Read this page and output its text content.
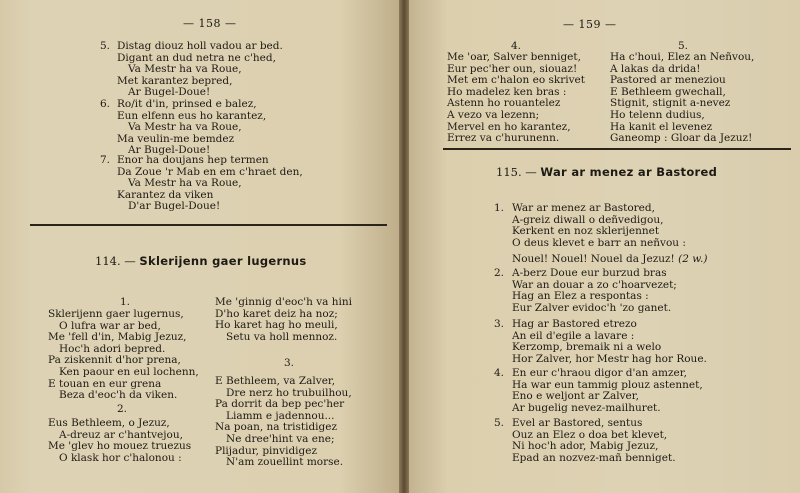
— 158 —
5. Distag diouz holl vadou ar bed.
Digant an dud netra ne c'hed,
Va Mestr ha va Roue,
Met karantez bepred,
Ar Bugel-Doue!
6. Ro/it d'in, prinsed e balez,
Eun elfenn eus ho karantez,
Va Mestr ha va Roue,
Ma veulin-me bemdez
Ar Bugel-Doue!
7. Enor ha doujans hep termen
Da Zoue 'r Mab en em c'hraet den,
Va Mestr ha va Roue,
Karantez da viken
D'ar Bugel-Doue!
114. — Sklerijenn gaer lugernus
1.
Sklerijenn gaer lugernus,
O lufra war ar bed,
Me 'fell d'in, Mabig Jezuz,
Hoc'h adori bepred.
Pa ziskennit d'hor prena,
Ken paour en eul lochenn,
E touan en eur grena
Beza d'eoc'h da viken.
2.
Eus Bethleem, o Jezuz,
A-dreuz ar c'hantvejou,
Me 'glev ho mouez truezus
O klask hor c'halonou :
Me 'ginnig d'eoc'h va hini
D'ho karet deiz ha noz;
Ho karet hag ho meuli,
Setu va holl mennoz.
3.
E Bethleem, va Zalver,
Dre nerz ho trubuilhou,
Pa dorrit da bep pec'her
Liamm e jadennou...
Na poan, na tristidigez
Ne dree'hint va ene;
Plijadur, pinvidigez
N'am zouellint morse.
— 159 —
4.
Me 'oar, Salver benniget,
Eur pec'her oun, siouaz!
Met em c'halon eo skrivet
Ho madelez ken bras :
Astenn ho rouantelez
A vezo va lezenn;
Mervel en ho karantez,
Errez va c'hurunenn.
5.
Ha c'houi, Elez an Neñvou,
A lakas da drida!
Pastored ar meneziou
E Bethleem gwechall,
Stignit, stignit a-nevez
Ho telenn dudius,
Ha kanit el levenez
Ganeomp : Gloar da Jezuz!
115. — War ar menez ar Bastored
1. War ar menez ar Bastored,
A-greiz diwall o deñvedigou,
Kerkent en noz sklerijennet
O deus klevet e barr an neñvou :
Nouel! Nouel! Nouel da Jezuz! (2 w.)
2. A-berz Doue eur burzud bras
War an douar a zo c'hoarvezet;
Hag an Elez a respontas :
Eur Zalver evidoc'h 'zo ganet.
3. Hag ar Bastored etrezo
An eil d'egile a lavare :
Kerzomp, bremaik ni a welo
Hor Zalver, hor Mestr hag hor Roue.
4. En eur c'hraou digor d'an amzer,
Ha war eun tammig plouz astennet,
Eno e weljont ar Zalver,
Ar bugelig nevez-mailhuret.
5. Evel ar Bastored, sentus
Ouz an Elez o doa bet klevet,
Ni hoc'h ador, Mabig Jezuz,
Epad an nozvez-mañ benniget.
